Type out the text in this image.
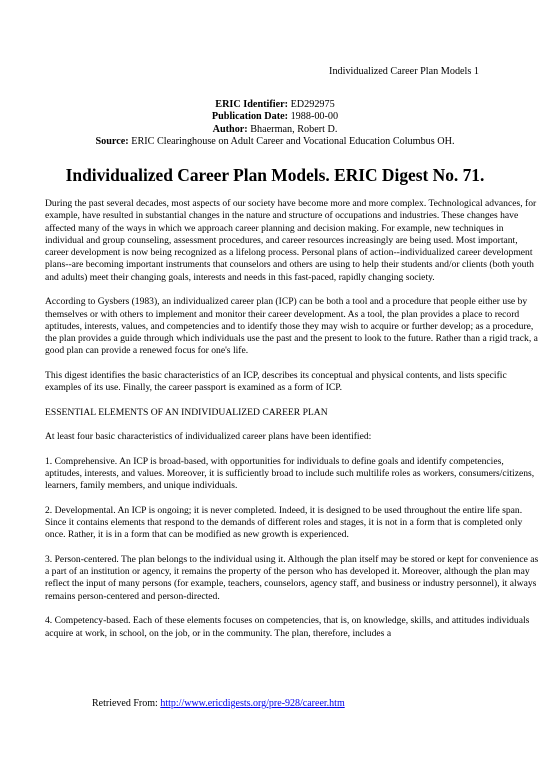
Individualized Career Plan Models 1
ERIC Identifier: ED292975
Publication Date: 1988-00-00
Author: Bhaerman, Robert D.
Source: ERIC Clearinghouse on Adult Career and Vocational Education Columbus OH.
Individualized Career Plan Models. ERIC Digest No. 71.

During the past several decades, most aspects of our society have become more and more complex. Technological advances, for example, have resulted in substantial changes in the nature and structure of occupations and industries. These changes have affected many of the ways in which we approach career planning and decision making. For example, new techniques in individual and group counseling, assessment procedures, and career resources increasingly are being used. Most important, career development is now being recognized as a lifelong process. Personal plans of action--individualized career development plans--are becoming important instruments that counselors and others are using to help their students and/or clients (both youth and adults) meet their changing goals, interests and needs in this fast-paced, rapidly changing society.

According to Gysbers (1983), an individualized career plan (ICP) can be both a tool and a procedure that people either use by themselves or with others to implement and monitor their career development. As a tool, the plan provides a place to record aptitudes, interests, values, and competencies and to identify those they may wish to acquire or further develop; as a procedure, the plan provides a guide through which individuals use the past and the present to look to the future. Rather than a rigid track, a good plan can provide a renewed focus for one's life.

This digest identifies the basic characteristics of an ICP, describes its conceptual and physical contents, and lists specific examples of its use. Finally, the career passport is examined as a form of ICP.

ESSENTIAL ELEMENTS OF AN INDIVIDUALIZED CAREER PLAN

At least four basic characteristics of individualized career plans have been identified:

1. Comprehensive. An ICP is broad-based, with opportunities for individuals to define goals and identify competencies, aptitudes, interests, and values. Moreover, it is sufficiently broad to include such multilife roles as workers, consumers/citizens, learners, family members, and unique individuals.

2. Developmental. An ICP is ongoing; it is never completed. Indeed, it is designed to be used throughout the entire life span. Since it contains elements that respond to the demands of different roles and stages, it is not in a form that is completed only once. Rather, it is in a form that can be modified as new growth is experienced.

3. Person-centered. The plan belongs to the individual using it. Although the plan itself may be stored or kept for convenience as a part of an institution or agency, it remains the property of the person who has developed it. Moreover, although the plan may reflect the input of many persons (for example, teachers, counselors, agency staff, and business or industry personnel), it always remains person-centered and person-directed.

4. Competency-based. Each of these elements focuses on competencies, that is, on knowledge, skills, and attitudes individuals acquire at work, in school, on the job, or in the community. The plan, therefore, includes a

Retrieved From: http://www.ericdigests.org/pre-928/career.htm
